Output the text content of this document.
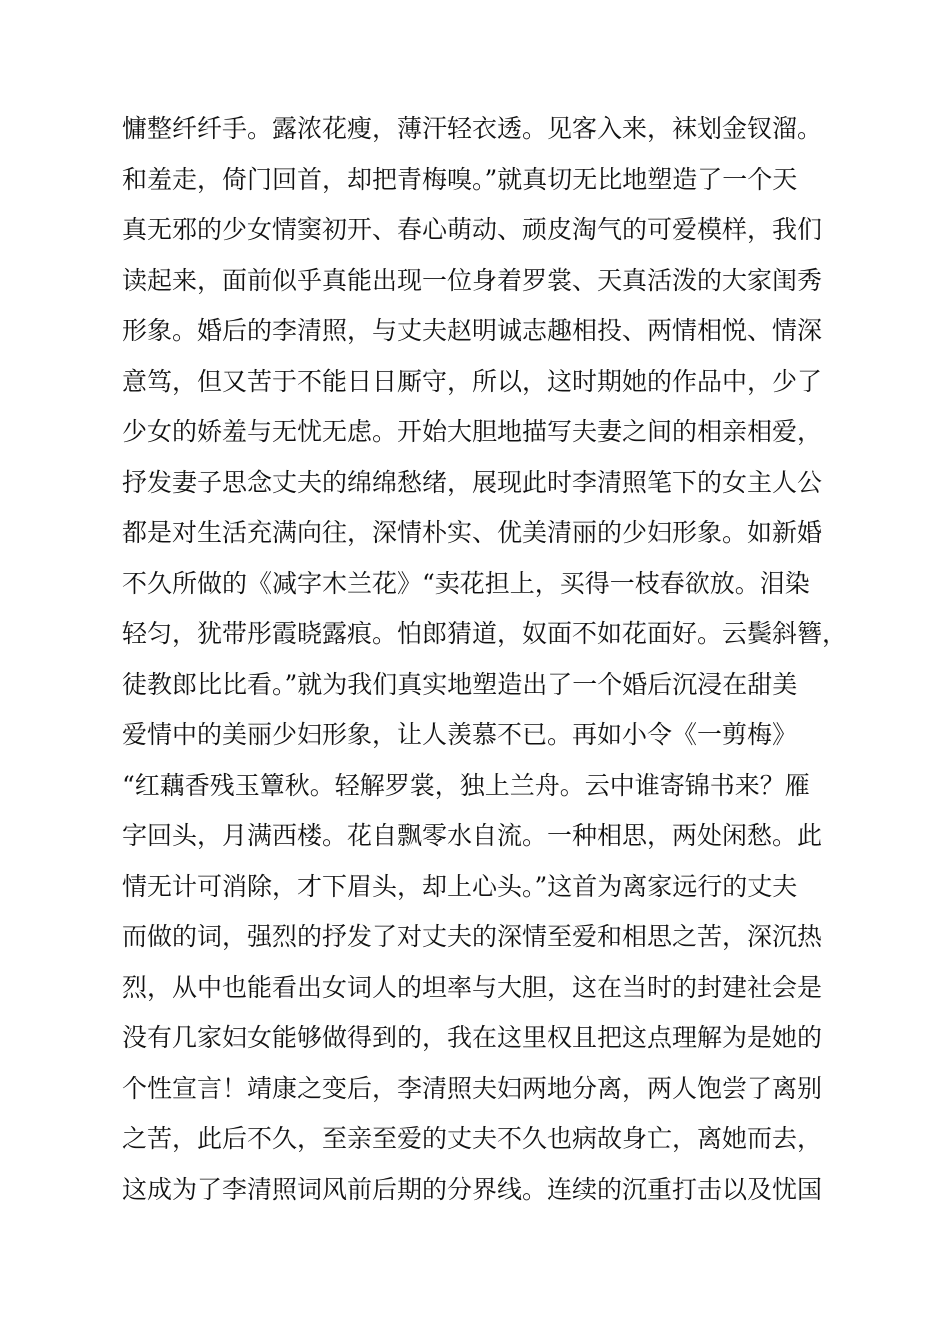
慵整纤纤手。露浓花瘦，薄汗轻衣透。见客入来，袜划金钗溜。
和羞走，倚门回首，却把青梅嗅。”就真切无比地塑造了一个天
真无邪的少女情窦初开、春心萌动、顽皮淘气的可爱模样，我们
读起来，面前似乎真能出现一位身着罗裳、天真活泼的大家闺秀
形象。婚后的李清照，与丈夫赵明诚志趣相投、两情相悦、情深
意笃，但又苦于不能日日厮守，所以，这时期她的作品中，少了
少女的娇羞与无忧无虑。开始大胆地描写夫妻之间的相亲相爱，
抒发妻子思念丈夫的绵绵愁绪，展现此时李清照笔下的女主人公
都是对生活充满向往，深情朴实、优美清丽的少妇形象。如新婚
不久所做的《减字木兰花》“卖花担上，买得一枝春欲放。泪染
轻匀，犹带彤霞晓露痕。怕郎猜道，奴面不如花面好。云鬓斜簪，
徒教郎比比看。”就为我们真实地塑造出了一个婚后沉浸在甜美
爱情中的美丽少妇形象，让人羡慕不已。再如小令《一剪梅》
“红藕香残玉簟秋。轻解罗裳，独上兰舟。云中谁寄锦书来？雁
字回头，月满西楼。花自飘零水自流。一种相思，两处闲愁。此
情无计可消除，才下眉头，却上心头。”这首为离家远行的丈夫
而做的词，强烈的抒发了对丈夫的深情至爱和相思之苦，深沉热
烈，从中也能看出女词人的坦率与大胆，这在当时的封建社会是
没有几家妇女能够做得到的，我在这里权且把这点理解为是她的
个性宣言！靖康之变后，李清照夫妇两地分离，两人饱尝了离别
之苦，此后不久，至亲至爱的丈夫不久也病故身亡，离她而去，
这成为了李清照词风前后期的分界线。连续的沉重打击以及忧国
